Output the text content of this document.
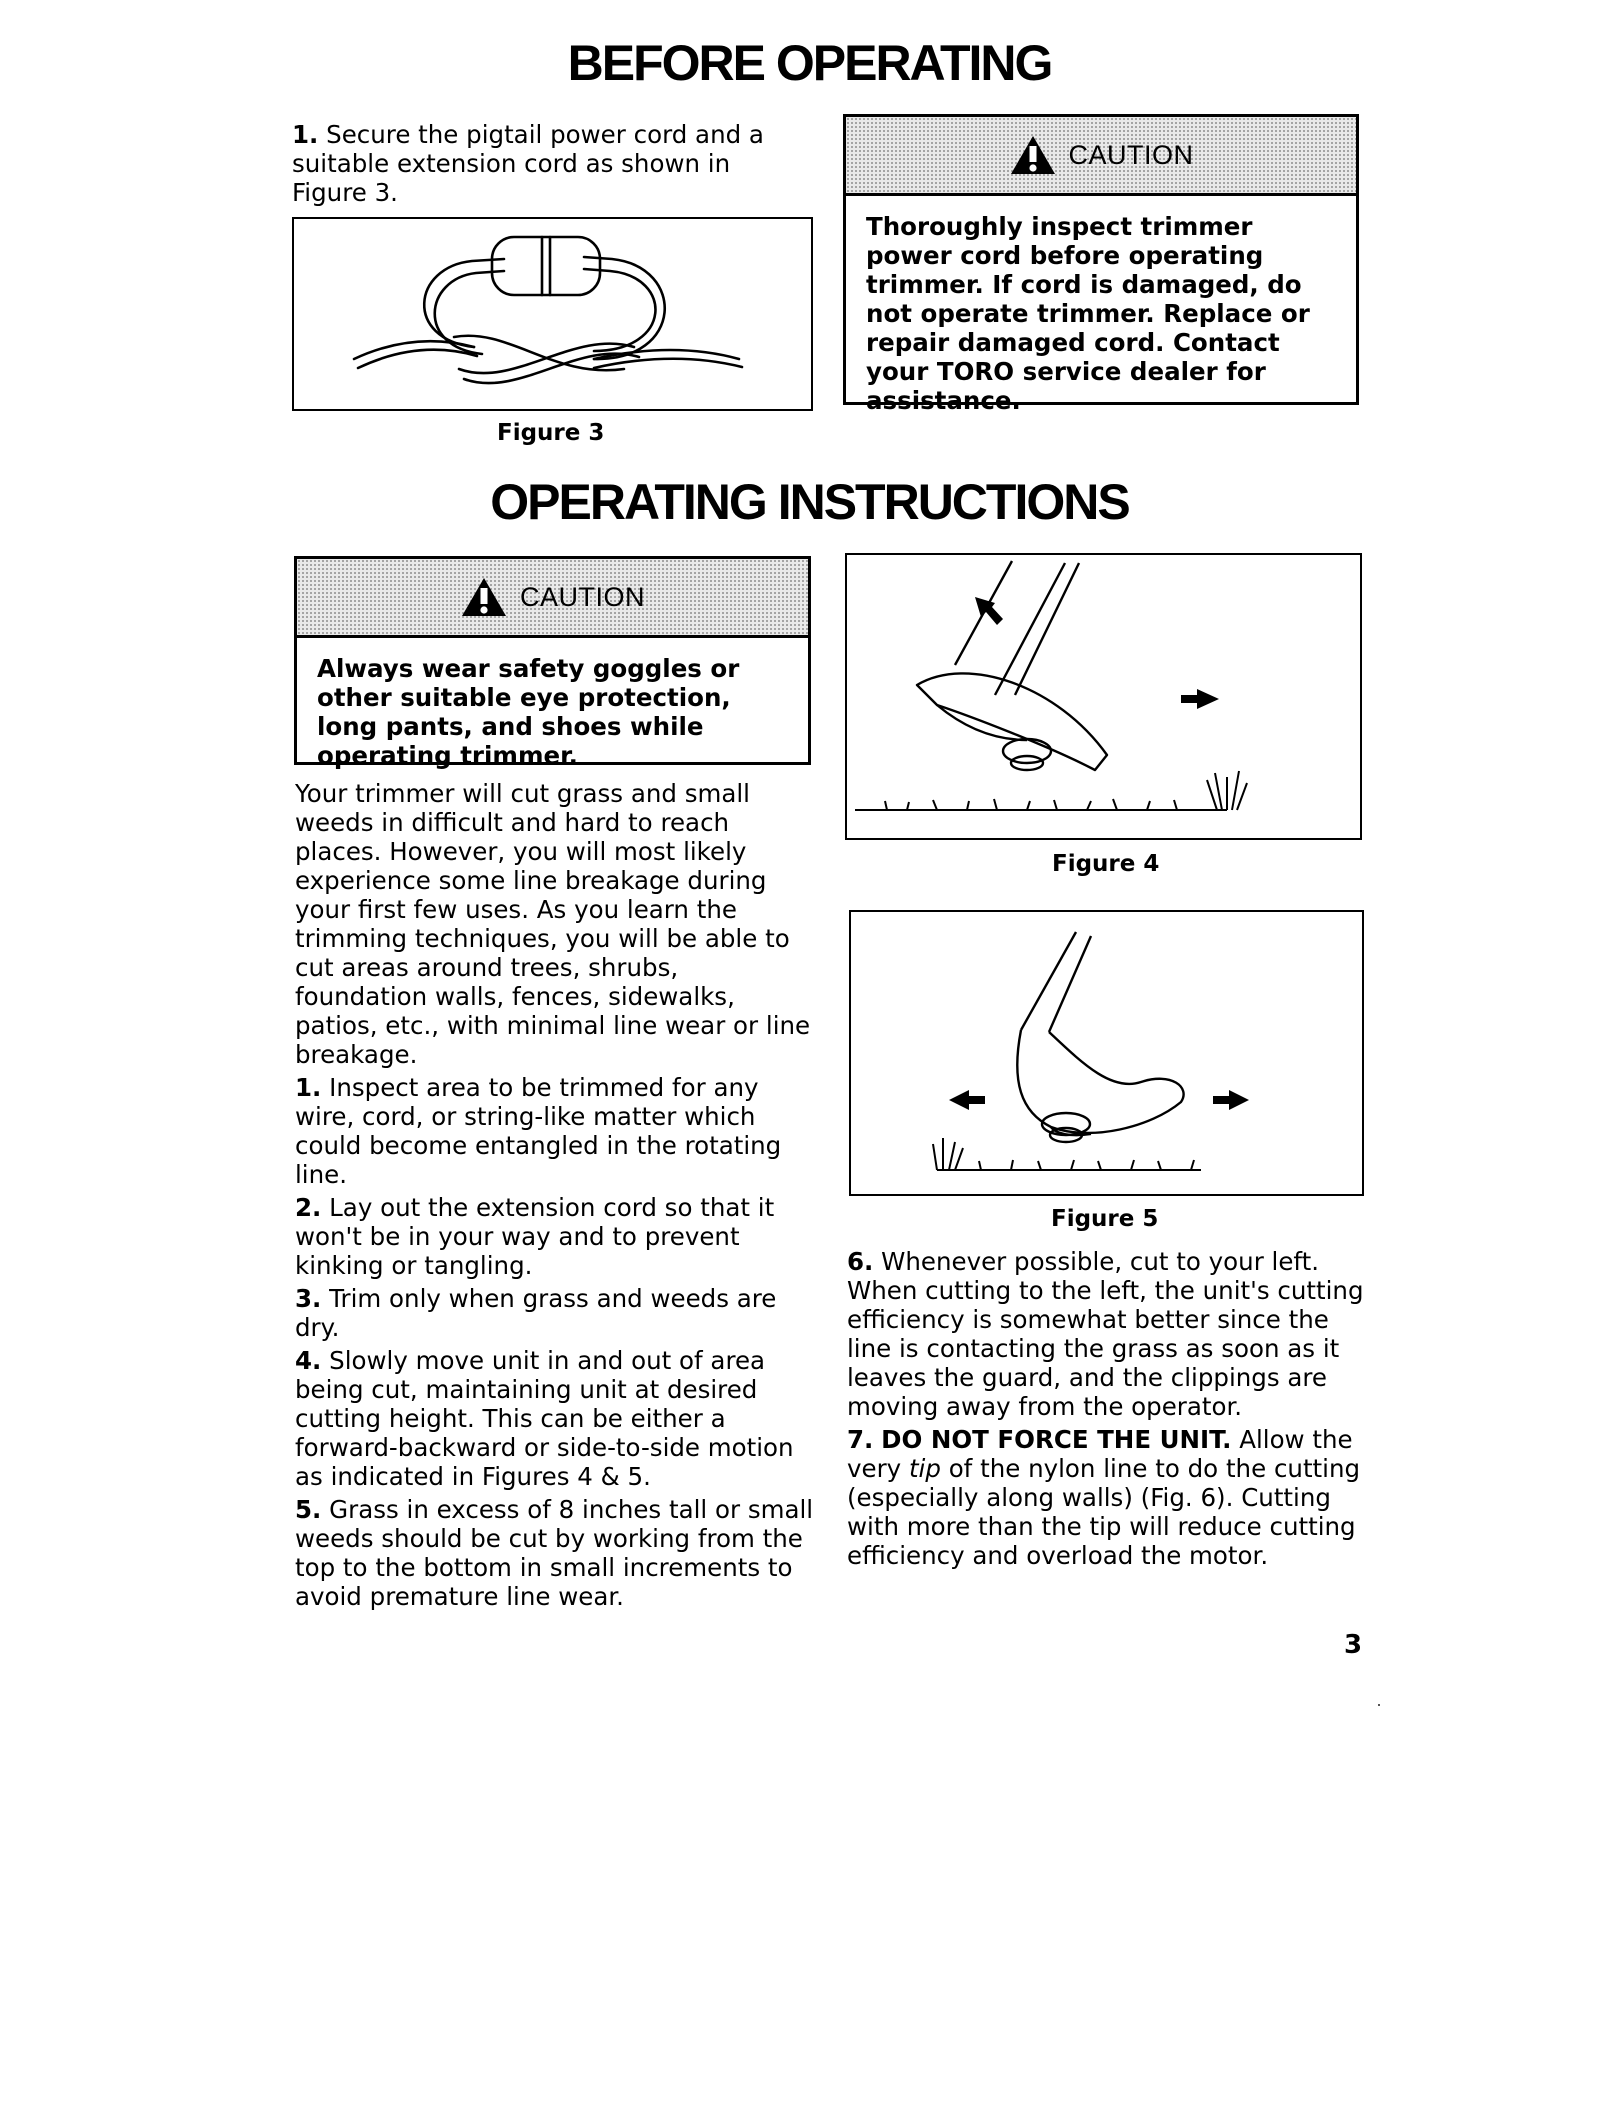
BEFORE OPERATING

1. Secure the pigtail power cord and a suitable extension cord as shown in Figure 3.

Figure 3
CAUTION
Thoroughly inspect trimmer power cord before operating trimmer. If cord is damaged, do not operate trimmer. Replace or repair damaged cord. Contact your TORO service dealer for assistance.
OPERATING INSTRUCTIONS
CAUTION
Always wear safety goggles or other suitable eye protection, long pants, and shoes while operating trimmer.

Your trimmer will cut grass and small weeds in difficult and hard to reach places. However, you will most likely experience some line breakage during your first few uses. As you learn the trimming techniques, you will be able to cut areas around trees, shrubs, foundation walls, fences, sidewalks, patios, etc., with minimal line wear or line breakage.

1. Inspect area to be trimmed for any wire, cord, or string-like matter which could become entangled in the rotating line.

2. Lay out the extension cord so that it won't be in your way and to prevent kinking or tangling.

3. Trim only when grass and weeds are dry.

4. Slowly move unit in and out of area being cut, maintaining unit at desired cutting height. This can be either a forward-backward or side-to-side motion as indicated in Figures 4 & 5.

5. Grass in excess of 8 inches tall or small weeds should be cut by working from the top to the bottom in small increments to avoid premature line wear.

Figure 4
Figure 5

6. Whenever possible, cut to your left. When cutting to the left, the unit's cutting efficiency is somewhat better since the line is contacting the grass as soon as it leaves the guard, and the clippings are moving away from the operator.

7. DO NOT FORCE THE UNIT. Allow the very tip of the nylon line to do the cutting (especially along walls) (Fig. 6). Cutting with more than the tip will reduce cutting efficiency and overload the motor.

3
